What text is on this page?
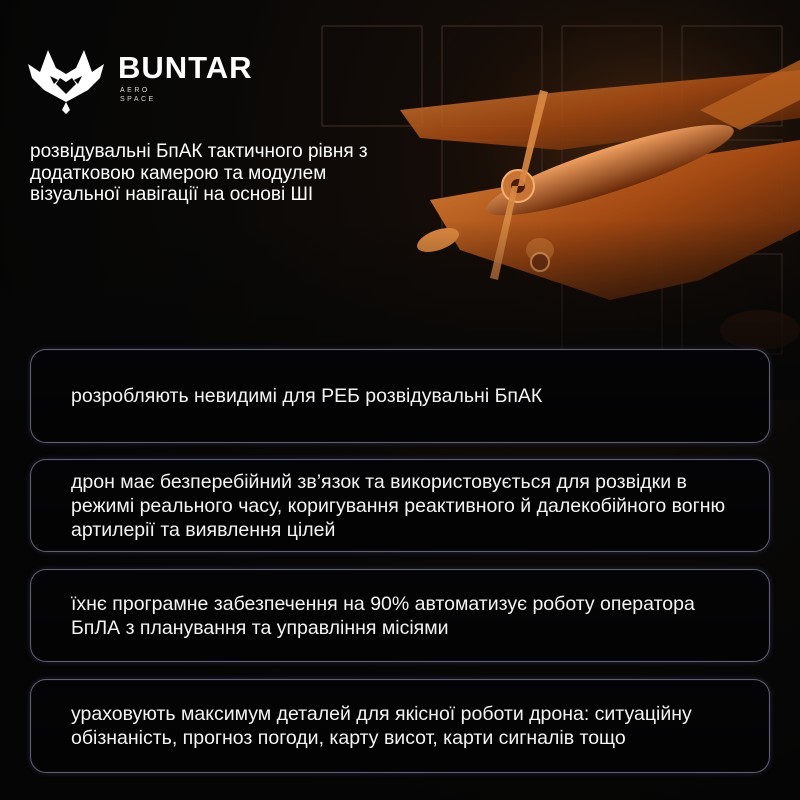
BUNTAR
AERO SPACE
розвідувальні БпАК тактичного рівня з додатковою камерою та модулем візуальної навігації на основі ШІ
розробляють невидимі для РЕБ розвідувальні БпАК
дрон має безперебійний зв’язок та використовується для розвідки в режимі реального часу, коригування реактивного й далекобійного вогню артилерії та виявлення цілей
їхнє програмне забезпечення на 90% автоматизує роботу оператора БпЛА з планування та управління місіями
ураховують максимум деталей для якісної роботи дрона: ситуаційну обізнаність, прогноз погоди, карту висот, карти сигналів тощо
